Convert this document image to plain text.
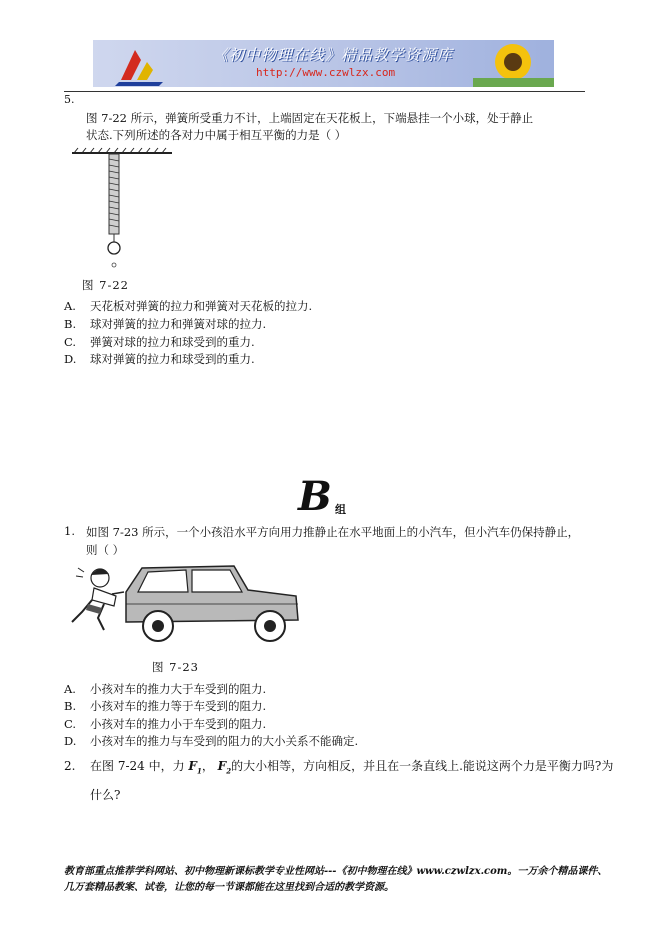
《初中物理在线》精品教学资源库
http://www.czwlzx.com
5.
图 7-22 所示，弹簧所受重力不计，上端固定在天花板上，下端悬挂一个小球，处于静止
状态.下列所述的各对力中属于相互平衡的力是（ ）
图 7-22
A. 天花板对弹簧的拉力和弹簧对天花板的拉力.
B. 球对弹簧的拉力和弹簧对球的拉力.
C. 弹簧对球的拉力和球受到的重力.
D. 球对弹簧的拉力和球受到的重力.
B 组
1. 如图 7-23 所示，一个小孩沿水平方向用力推静止在水平地面上的小汽车，但小汽车仍保持静止，
则（ ）
图 7-23
A. 小孩对车的推力大于车受到的阻力.
B. 小孩对车的推力等于车受到的阻力.
C. 小孩对车的推力小于车受到的阻力.
D. 小孩对车的推力与车受到的阻力的大小关系不能确定.
2. 在图 7-24 中，力 $F_1$， $F_2$的大小相等，方向相反，并且在一条直线上.能说这两个力是平衡力吗?为
什么?
教育部重点推荐学科网站、初中物理新课标教学专业性网站---《初中物理在线》www.czwlzx.com。一万余个精品课件、
几万套精品教案、试卷，让您的每一节课都能在这里找到合适的教学资源。
